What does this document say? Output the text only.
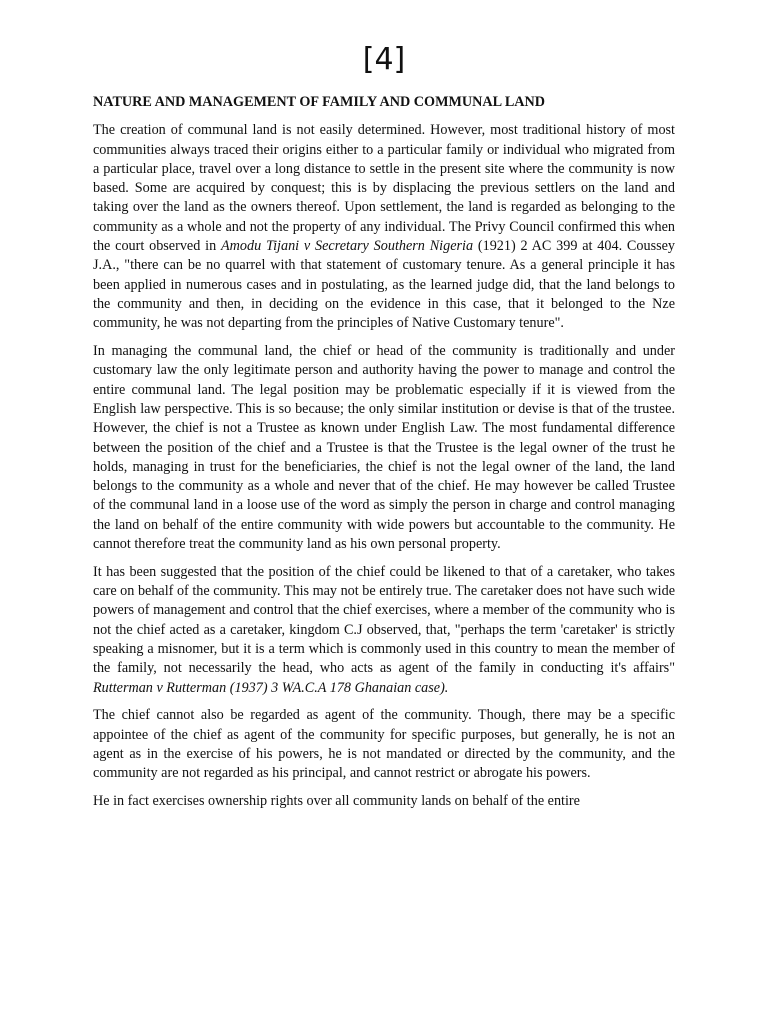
[4]
NATURE AND MANAGEMENT OF FAMILY AND COMMUNAL LAND

The creation of communal land is not easily determined. However, most traditional history of most communities always traced their origins either to a particular family or individual who migrated from a particular place, travel over a long distance to settle in the present site where the community is now based. Some are acquired by conquest; this is by displacing the previous settlers on the land and taking over the land as the owners thereof. Upon settlement, the land is regarded as belonging to the community as a whole and not the property of any individual. The Privy Council confirmed this when the court observed in Amodu Tijani v Secretary Southern Nigeria (1921) 2 AC 399 at 404. Coussey J.A., "there can be no quarrel with that statement of customary tenure. As a general principle it has been applied in numerous cases and in postulating, as the learned judge did, that the land belongs to the community and then, in deciding on the evidence in this case, that it belonged to the Nze community, he was not departing from the principles of Native Customary tenure".

In managing the communal land, the chief or head of the community is traditionally and under customary law the only legitimate person and authority having the power to manage and control the entire communal land. The legal position may be problematic especially if it is viewed from the English law perspective. This is so because; the only similar institution or devise is that of the trustee. However, the chief is not a Trustee as known under English Law. The most fundamental difference between the position of the chief and a Trustee is that the Trustee is the legal owner of the trust he holds, managing in trust for the beneficiaries, the chief is not the legal owner of the land, the land belongs to the community as a whole and never that of the chief. He may however be called Trustee of the communal land in a loose use of the word as simply the person in charge and control managing the land on behalf of the entire community with wide powers but accountable to the community. He cannot therefore treat the community land as his own personal property.

It has been suggested that the position of the chief could be likened to that of a caretaker, who takes care on behalf of the community. This may not be entirely true. The caretaker does not have such wide powers of management and control that the chief exercises, where a member of the community who is not the chief acted as a caretaker, kingdom C.J observed, that, "perhaps the term 'caretaker' is strictly speaking a misnomer, but it is a term which is commonly used in this country to mean the member of the family, not necessarily the head, who acts as agent of the family in conducting it's affairs" Rutterman v Rutterman (1937) 3 WA.C.A 178 Ghanaian case).

The chief cannot also be regarded as agent of the community. Though, there may be a specific appointee of the chief as agent of the community for specific purposes, but generally, he is not an agent as in the exercise of his powers, he is not mandated or directed by the community, and the community are not regarded as his principal, and cannot restrict or abrogate his powers.

He in fact exercises ownership rights over all community lands on behalf of the entire
